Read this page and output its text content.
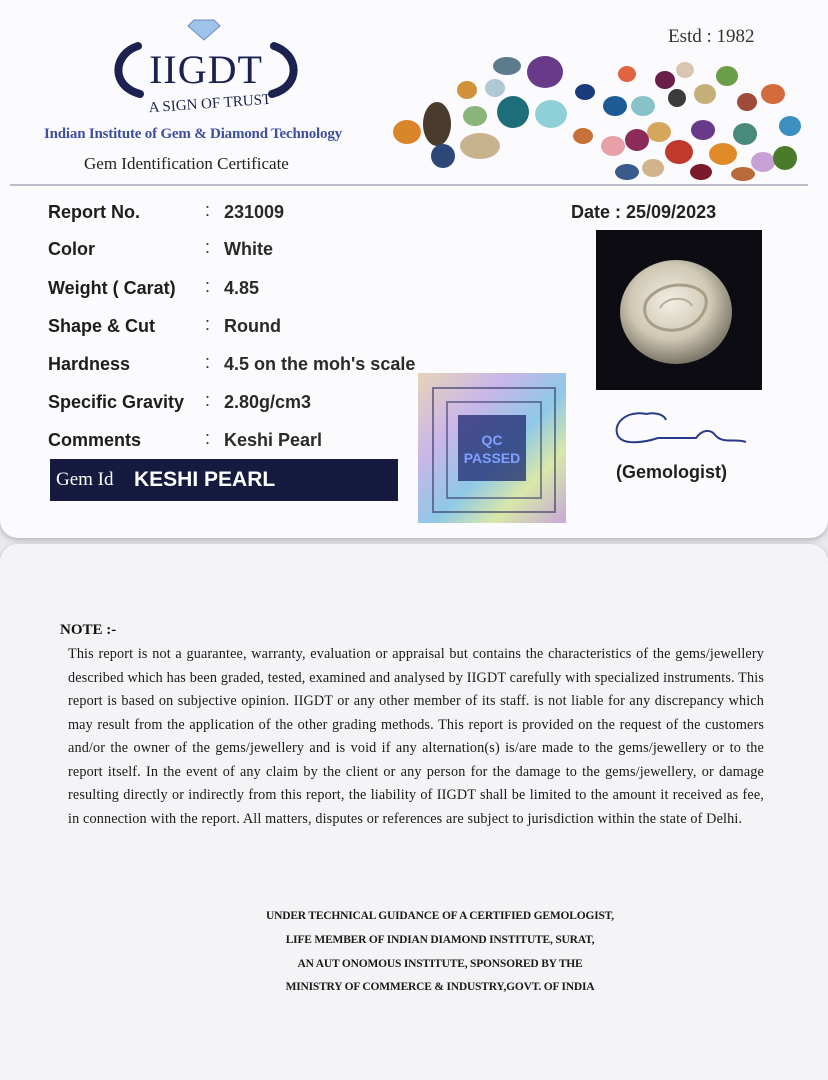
IIGDT
A SIGN OF TRUST
Estd : 1982
Indian Institute of Gem & Diamond Technology
Gem Identification Certificate
Report No.	: 231009
Color	: White
Weight ( Carat) : 4.85
Shape & Cut	: Round
Hardness	: 4.5 on the moh's scale
Specific Gravity : 2.80g/cm3
Comments	: Keshi Pearl
Gem Id KESHI PEARL
QC PASSED
Date : 25/09/2023
(Gemologist)
NOTE :-
This report is not a guarantee, warranty, evaluation or appraisal but contains the characteristics of the gems/jewellery described which has been graded, tested, examined and analysed by IIGDT carefully with specialized instruments. This report is based on subjective opinion. IIGDT or any other member of its staff. is not liable for any discrepancy which may result from the application of the other grading methods. This report is provided on the request of the customers and/or the owner of the gems/jewellery and is void if any alternation(s) is/are made to the gems/jewellery or to the report itself. In the event of any claim by the client or any person for the damage to the gems/jewellery, or damage resulting directly or indirectly from this report, the liability of IIGDT shall be limited to the amount it received as fee, in connection with the report. All matters, disputes or references are subject to jurisdiction within the state of Delhi.
UNDER TECHNICAL GUIDANCE OF A CERTIFIED GEMOLOGIST,
LIFE MEMBER OF INDIAN DIAMOND INSTITUTE, SURAT,
AN AUT ONOMOUS INSTITUTE, SPONSORED BY THE
MINISTRY OF COMMERCE & INDUSTRY,GOVT. OF INDIA
